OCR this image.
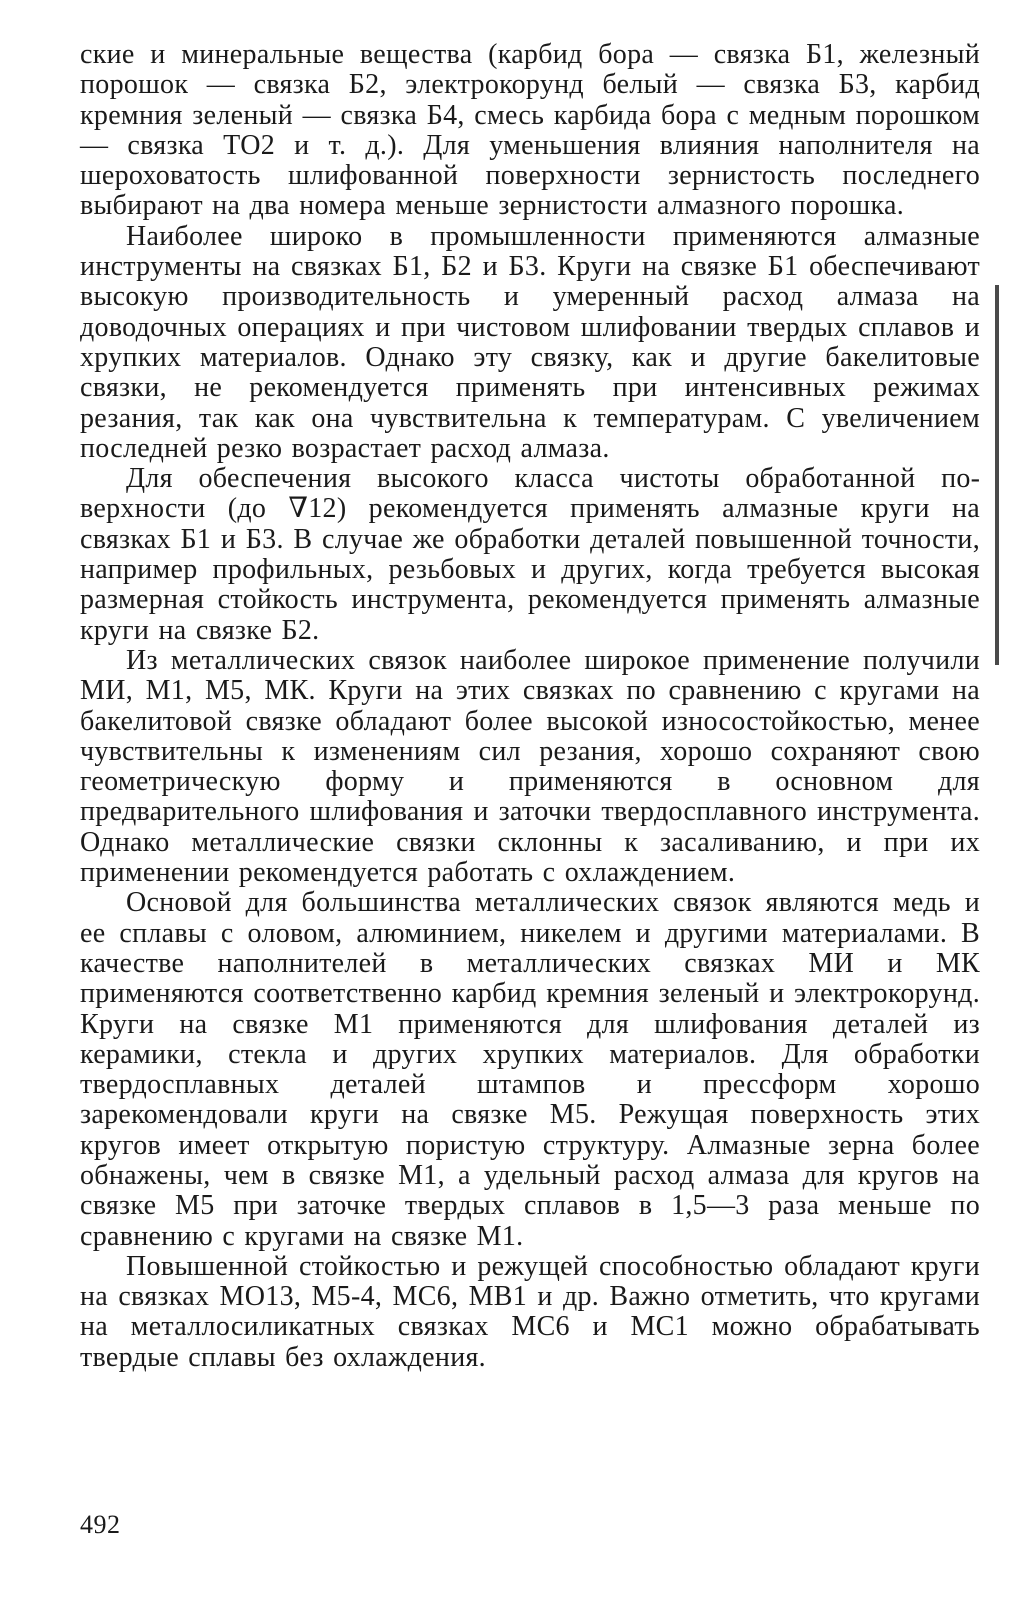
ские и минеральные вещества (карбид бора — связка Б1, железный порошок — связка Б2, электрокорунд белый — связка Б3, карбид кремния зеленый — связка Б4, смесь карбида бора с медным порошком — связка ТО2 и т. д.). Для уменьшения влияния наполнителя на шероховатость шлифованной поверхности зернистость последнего выбирают на два номера меньше зернистости алмазного порошка.

Наиболее широко в промышленности применяются алмазные инструменты на связках Б1, Б2 и Б3. Круги на связке Б1 обеспечивают высокую производительность и умеренный расход алмаза на доводочных операциях и при чистовом шлифовании твердых сплавов и хрупких материалов. Однако эту связку, как и другие бакелитовые связки, не рекомендуется применять при интенсивных режимах резания, так как она чувствительна к температурам. С увеличением последней резко возрастает расход алмаза.

Для обеспечения высокого класса чистоты обработанной поверхности (до ∇12) рекомендуется применять алмазные круги на связках Б1 и Б3. В случае же обработки деталей повышенной точности, например профильных, резьбовых и других, когда требуется высокая размерная стойкость инструмента, рекомендуется применять алмазные круги на связке Б2.

Из металлических связок наиболее широкое применение получили МИ, М1, М5, МК. Круги на этих связках по сравнению с кругами на бакелитовой связке обладают более высокой износостойкостью, менее чувствительны к изменениям сил резания, хорошо сохраняют свою геометрическую форму и применяются в основном для предварительного шлифования и заточки твердосплавного инструмента. Однако металлические связки склонны к засаливанию, и при их применении рекомендуется работать с охлаждением.

Основой для большинства металлических связок являются медь и ее сплавы с оловом, алюминием, никелем и другими материалами. В качестве наполнителей в металлических связках МИ и МК применяются соответственно карбид кремния зеленый и электрокорунд. Круги на связке М1 применяются для шлифования деталей из керамики, стекла и других хрупких материалов. Для обработки твердосплавных деталей штампов и прессформ хорошо зарекомендовали круги на связке М5. Режущая поверхность этих кругов имеет открытую пористую структуру. Алмазные зерна более обнажены, чем в связке М1, а удельный расход алмаза для кругов на связке М5 при заточке твердых сплавов в 1,5—3 раза меньше по сравнению с кругами на связке М1.

Повышенной стойкостью и режущей способностью обладают круги на связках МО13, М5-4, МС6, МВ1 и др. Важно отметить, что кругами на металлосиликатных связках МС6 и МС1 можно обрабатывать твердые сплавы без охлаждения.

492
